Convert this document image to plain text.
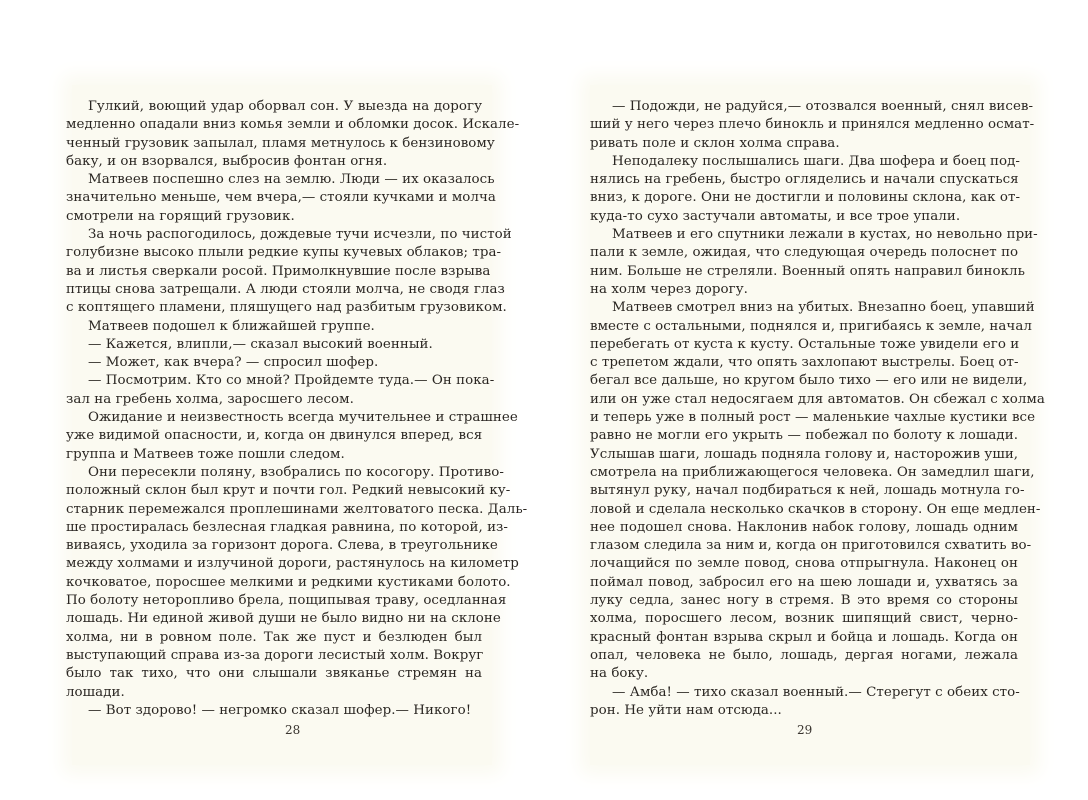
Гулкий, воющий удар оборвал сон. У выезда на дорогу
медленно опадали вниз комья земли и обломки досок. Искале-
ченный грузовик запылал, пламя метнулось к бензиновому
баку, и он взорвался, выбросив фонтан огня.
Матвеев поспешно слез на землю. Люди — их оказалось
значительно меньше, чем вчера,— стояли кучками и молча
смотрели на горящий грузовик.
За ночь распогодилось, дождевые тучи исчезли, по чистой
голубизне высоко плыли редкие купы кучевых облаков; тра-
ва и листья сверкали росой. Примолкнувшие после взрыва
птицы снова затрещали. А люди стояли молча, не сводя глаз
с коптящего пламени, пляшущего над разбитым грузовиком.
Матвеев подошел к ближайшей группе.
— Кажется, влипли,— сказал высокий военный.
— Может, как вчера? — спросил шофер.
— Посмотрим. Кто со мной? Пройдемте туда.— Он пока-
зал на гребень холма, заросшего лесом.
Ожидание и неизвестность всегда мучительнее и страшнее
уже видимой опасности, и, когда он двинулся вперед, вся
группа и Матвеев тоже пошли следом.
Они пересекли поляну, взобрались по косогору. Противо-
положный склон был крут и почти гол. Редкий невысокий ку-
старник перемежался проплешинами желтоватого песка. Даль-
ше простиралась безлесная гладкая равнина, по которой, из-
виваясь, уходила за горизонт дорога. Слева, в треугольнике
между холмами и излучиной дороги, растянулось на километр
кочковатое, поросшее мелкими и редкими кустиками болото.
По болоту неторопливо брела, пощипывая траву, оседланная
лошадь. Ни единой живой души не было видно ни на склоне
холма, ни в ровном поле. Так же пуст и безлюден был
выступающий справа из-за дороги лесистый холм. Вокруг
было так тихо, что они слышали звяканье стремян на
лошади.
— Вот здорово! — негромко сказал шофер.— Никого!
— Подожди, не радуйся,— отозвался военный, снял висев-
ший у него через плечо бинокль и принялся медленно осмат-
ривать поле и склон холма справа.
Неподалеку послышались шаги. Два шофера и боец под-
нялись на гребень, быстро огляделись и начали спускаться
вниз, к дороге. Они не достигли и половины склона, как от-
куда-то сухо застучали автоматы, и все трое упали.
Матвеев и его спутники лежали в кустах, но невольно при-
пали к земле, ожидая, что следующая очередь полоснет по
ним. Больше не стреляли. Военный опять направил бинокль
на холм через дорогу.
Матвеев смотрел вниз на убитых. Внезапно боец, упавший
вместе с остальными, поднялся и, пригибаясь к земле, начал
перебегать от куста к кусту. Остальные тоже увидели его и
с трепетом ждали, что опять захлопают выстрелы. Боец от-
бегал все дальше, но кругом было тихо — его или не видели,
или он уже стал недосягаем для автоматов. Он сбежал с холма
и теперь уже в полный рост — маленькие чахлые кустики все
равно не могли его укрыть — побежал по болоту к лошади.
Услышав шаги, лошадь подняла голову и, насторожив уши,
смотрела на приближающегося человека. Он замедлил шаги,
вытянул руку, начал подбираться к ней, лошадь мотнула го-
ловой и сделала несколько скачков в сторону. Он еще медлен-
нее подошел снова. Наклонив набок голову, лошадь одним
глазом следила за ним и, когда он приготовился схватить во-
лочащийся по земле повод, снова отпрыгнула. Наконец он
поймал повод, забросил его на шею лошади и, ухватясь за
луку седла, занес ногу в стремя. В это время со стороны
холма, поросшего лесом, возник шипящий свист, черно-
красный фонтан взрыва скрыл и бойца и лошадь. Когда он
опал, человека не было, лошадь, дергая ногами, лежала
на боку.
— Амба! — тихо сказал военный.— Стерегут с обеих сто-
рон. Не уйти нам отсюда...
28	29
